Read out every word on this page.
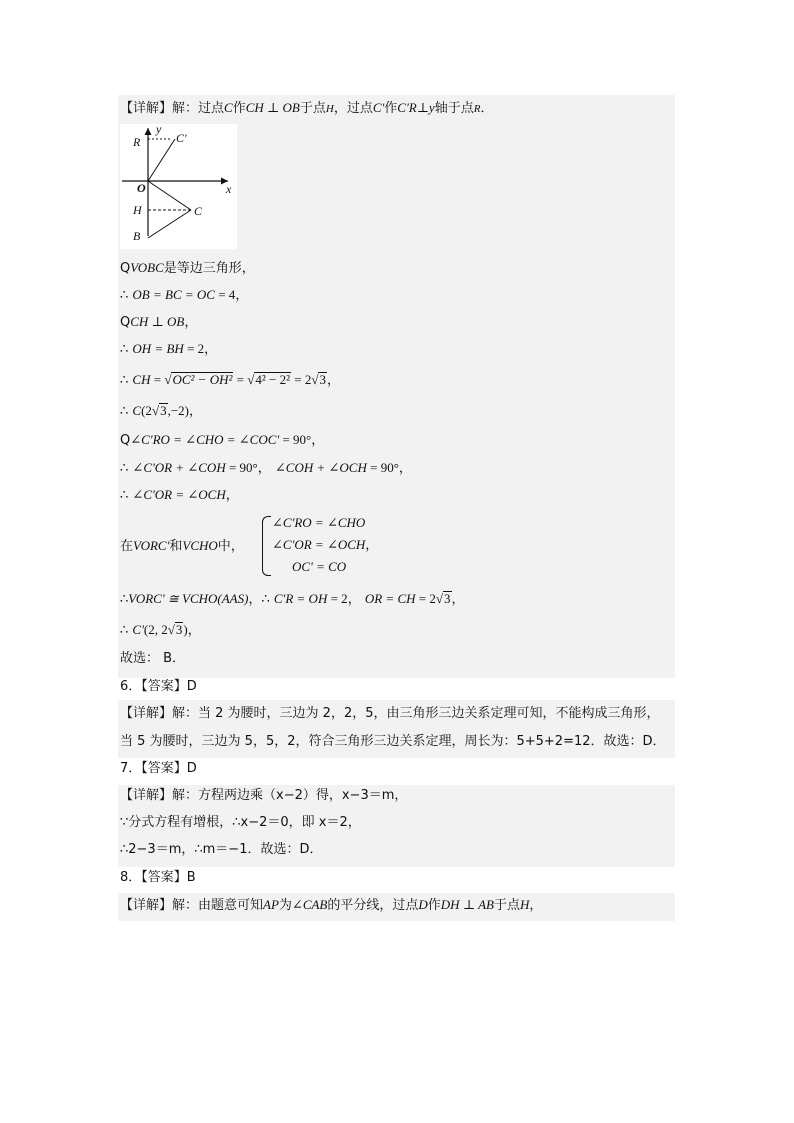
【详解】解：过点C作CH ⊥ OB于点H，过点C'作C'R⊥y轴于点R．
R	C'
y
O	x
H	C
B
QVOBC是等边三角形，
∴ OB = BC = OC = 4，
QCH ⊥ OB，
∴ OH = BH = 2，
∴ CH = √OC² − OH² = √4² − 2² = 2√3，
∴ C(2√3,−2)，
Q∠C'RO = ∠CHO = ∠COC' = 90°，
∴ ∠C'OR + ∠COH = 90°， ∠COH + ∠OCH = 90°，
∴ ∠C'OR = ∠OCH，
在VORC'和VCHO中，
∠C'RO = ∠CHO
∠C'OR = ∠OCH，
OC' = CO
∴VORC' ≅ VCHO(AAS)，∴ C'R = OH = 2， OR = CH = 2√3，
∴ C'(2, 2√3)，
故选： B．
6．【答案】D
【详解】解：当 2 为腰时，三边为 2，2，5，由三角形三边关系定理可知，不能构成三角形，
当 5 为腰时，三边为 5，5，2，符合三角形三边关系定理，周长为：5+5+2=12．故选：D．
7．【答案】D
【详解】解：方程两边乘（x−2）得，x−3＝m，
∵分式方程有增根，∴x−2＝0，即 x＝2，
∴2−3＝m，∴m＝−1．故选：D．
8．【答案】B
【详解】解：由题意可知AP为∠CAB的平分线，过点D作DH ⊥ AB于点H，
